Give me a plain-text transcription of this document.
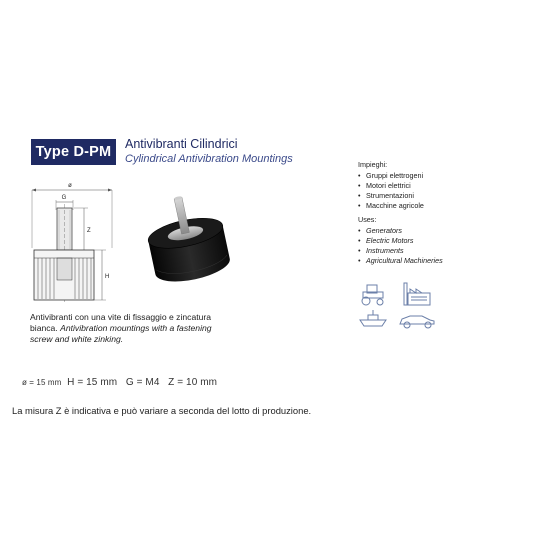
Type D-PM	Antivibranti Cilindrici
Cylindrical Antivibration Mountings
ø
G
Z
H
Antivibranti con una vite di fissaggio e zincatura bianca. Antivibration mountings with a fastening screw and white zinking.
ø = 15 mm H = 15 mm   G = M4   Z = 10 mm
La misura Z è indicativa e può variare a seconda del lotto di produzione.
Impieghi:
• Gruppi elettrogeni
• Motori elettrici
• Strumentazioni
• Macchine agricole
Uses:
• Generators
• Electric Motors
• Instruments
• Agricultural Machineries
